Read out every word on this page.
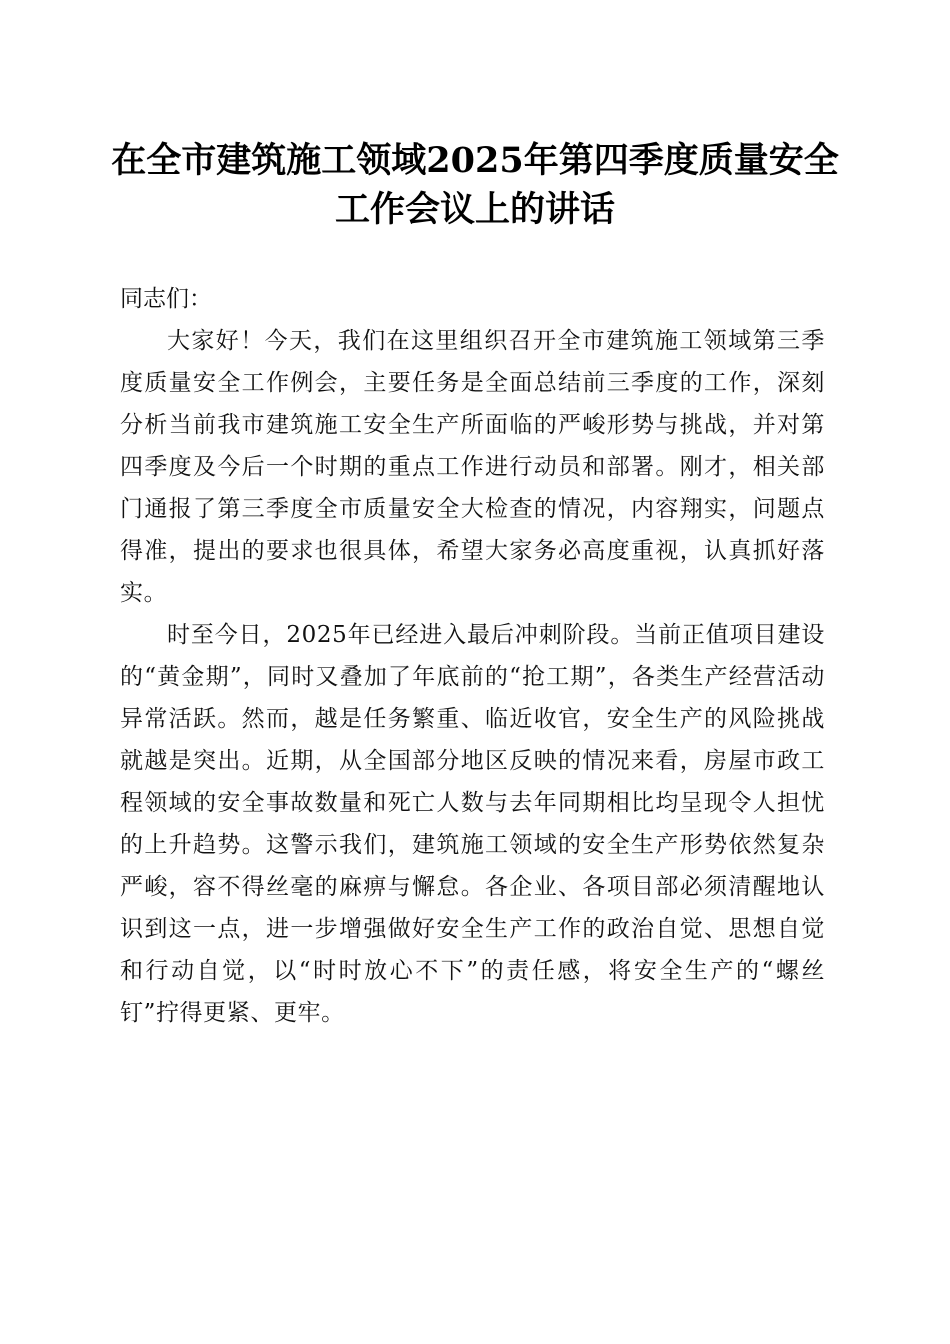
在全市建筑施工领域2025年第四季度质量安全工作会议上的讲话

同志们：

大家好！今天，我们在这里组织召开全市建筑施工领域第三季度质量安全工作例会，主要任务是全面总结前三季度的工作，深刻分析当前我市建筑施工安全生产所面临的严峻形势与挑战，并对第四季度及今后一个时期的重点工作进行动员和部署。刚才，相关部门通报了第三季度全市质量安全大检查的情况，内容翔实，问题点得准，提出的要求也很具体，希望大家务必高度重视，认真抓好落实。

时至今日，2025年已经进入最后冲刺阶段。当前正值项目建设的“黄金期”，同时又叠加了年底前的“抢工期”，各类生产经营活动异常活跃。然而，越是任务繁重、临近收官，安全生产的风险挑战就越是突出。近期，从全国部分地区反映的情况来看，房屋市政工程领域的安全事故数量和死亡人数与去年同期相比均呈现令人担忧的上升趋势。这警示我们，建筑施工领域的安全生产形势依然复杂严峻，容不得丝毫的麻痹与懈怠。各企业、各项目部必须清醒地认识到这一点，进一步增强做好安全生产工作的政治自觉、思想自觉和行动自觉，以“时时放心不下”的责任感，将安全生产的“螺丝钉”拧得更紧、更牢。
